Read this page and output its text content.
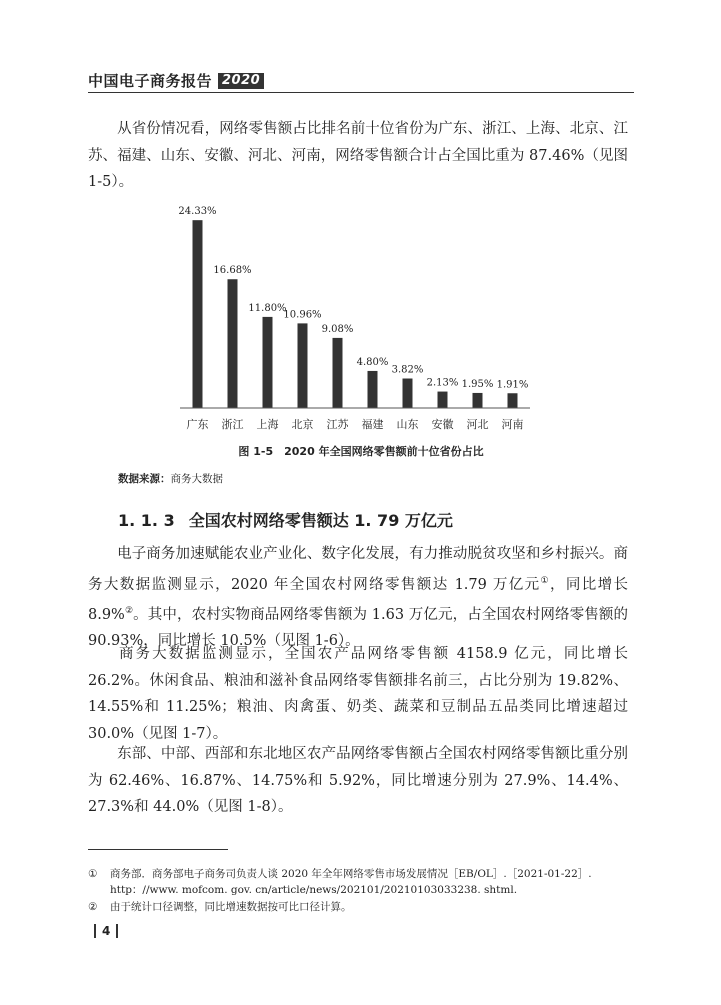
中国电子商务报告 2020

从省份情况看，网络零售额占比排名前十位省份为广东、浙江、上海、北京、江苏、福建、山东、安徽、河北、河南，网络零售额合计占全国比重为 87.46%（见图 1-5）。

24.33%
16.68%
11.80%
10.96%
9.08%
4.80%
3.82%
2.13% 1.95% 1.91%
广东 浙江 上海 北京 江苏 福建 山东 安徽 河北 河南
图 1-5　2020 年全国网络零售额前十位省份占比
数据来源：商务大数据
1. 1. 3 全国农村网络零售额达 1. 79 万亿元

电子商务加速赋能农业产业化、数字化发展，有力推动脱贫攻坚和乡村振兴。商务大数据监测显示，2020 年全国农村网络零售额达 1.79 万亿元①，同比增长 8.9%②。其中，农村实物商品网络零售额为 1.63 万亿元，占全国农村网络零售额的 90.93%，同比增长 10.5%（见图 1-6）。

商务大数据监测显示，全国农产品网络零售额 4158.9 亿元，同比增长 26.2%。休闲食品、粮油和滋补食品网络零售额排名前三，占比分别为 19.82%、14.55%和 11.25%；粮油、肉禽蛋、奶类、蔬菜和豆制品五品类同比增速超过 30.0%（见图 1-7）。

东部、中部、西部和东北地区农产品网络零售额占全国农村网络零售额比重分别为 62.46%、16.87%、14.75%和 5.92%，同比增速分别为 27.9%、14.4%、27.3%和 44.0%（见图 1-8）。

① 商务部．商务部电子商务司负责人谈 2020 年全年网络零售市场发展情况［EB/OL］.［2021-01-22］.
http：//www. mofcom. gov. cn/article/news/202101/20210103033238. shtml.
② 由于统计口径调整，同比增速数据按可比口径计算。
4
